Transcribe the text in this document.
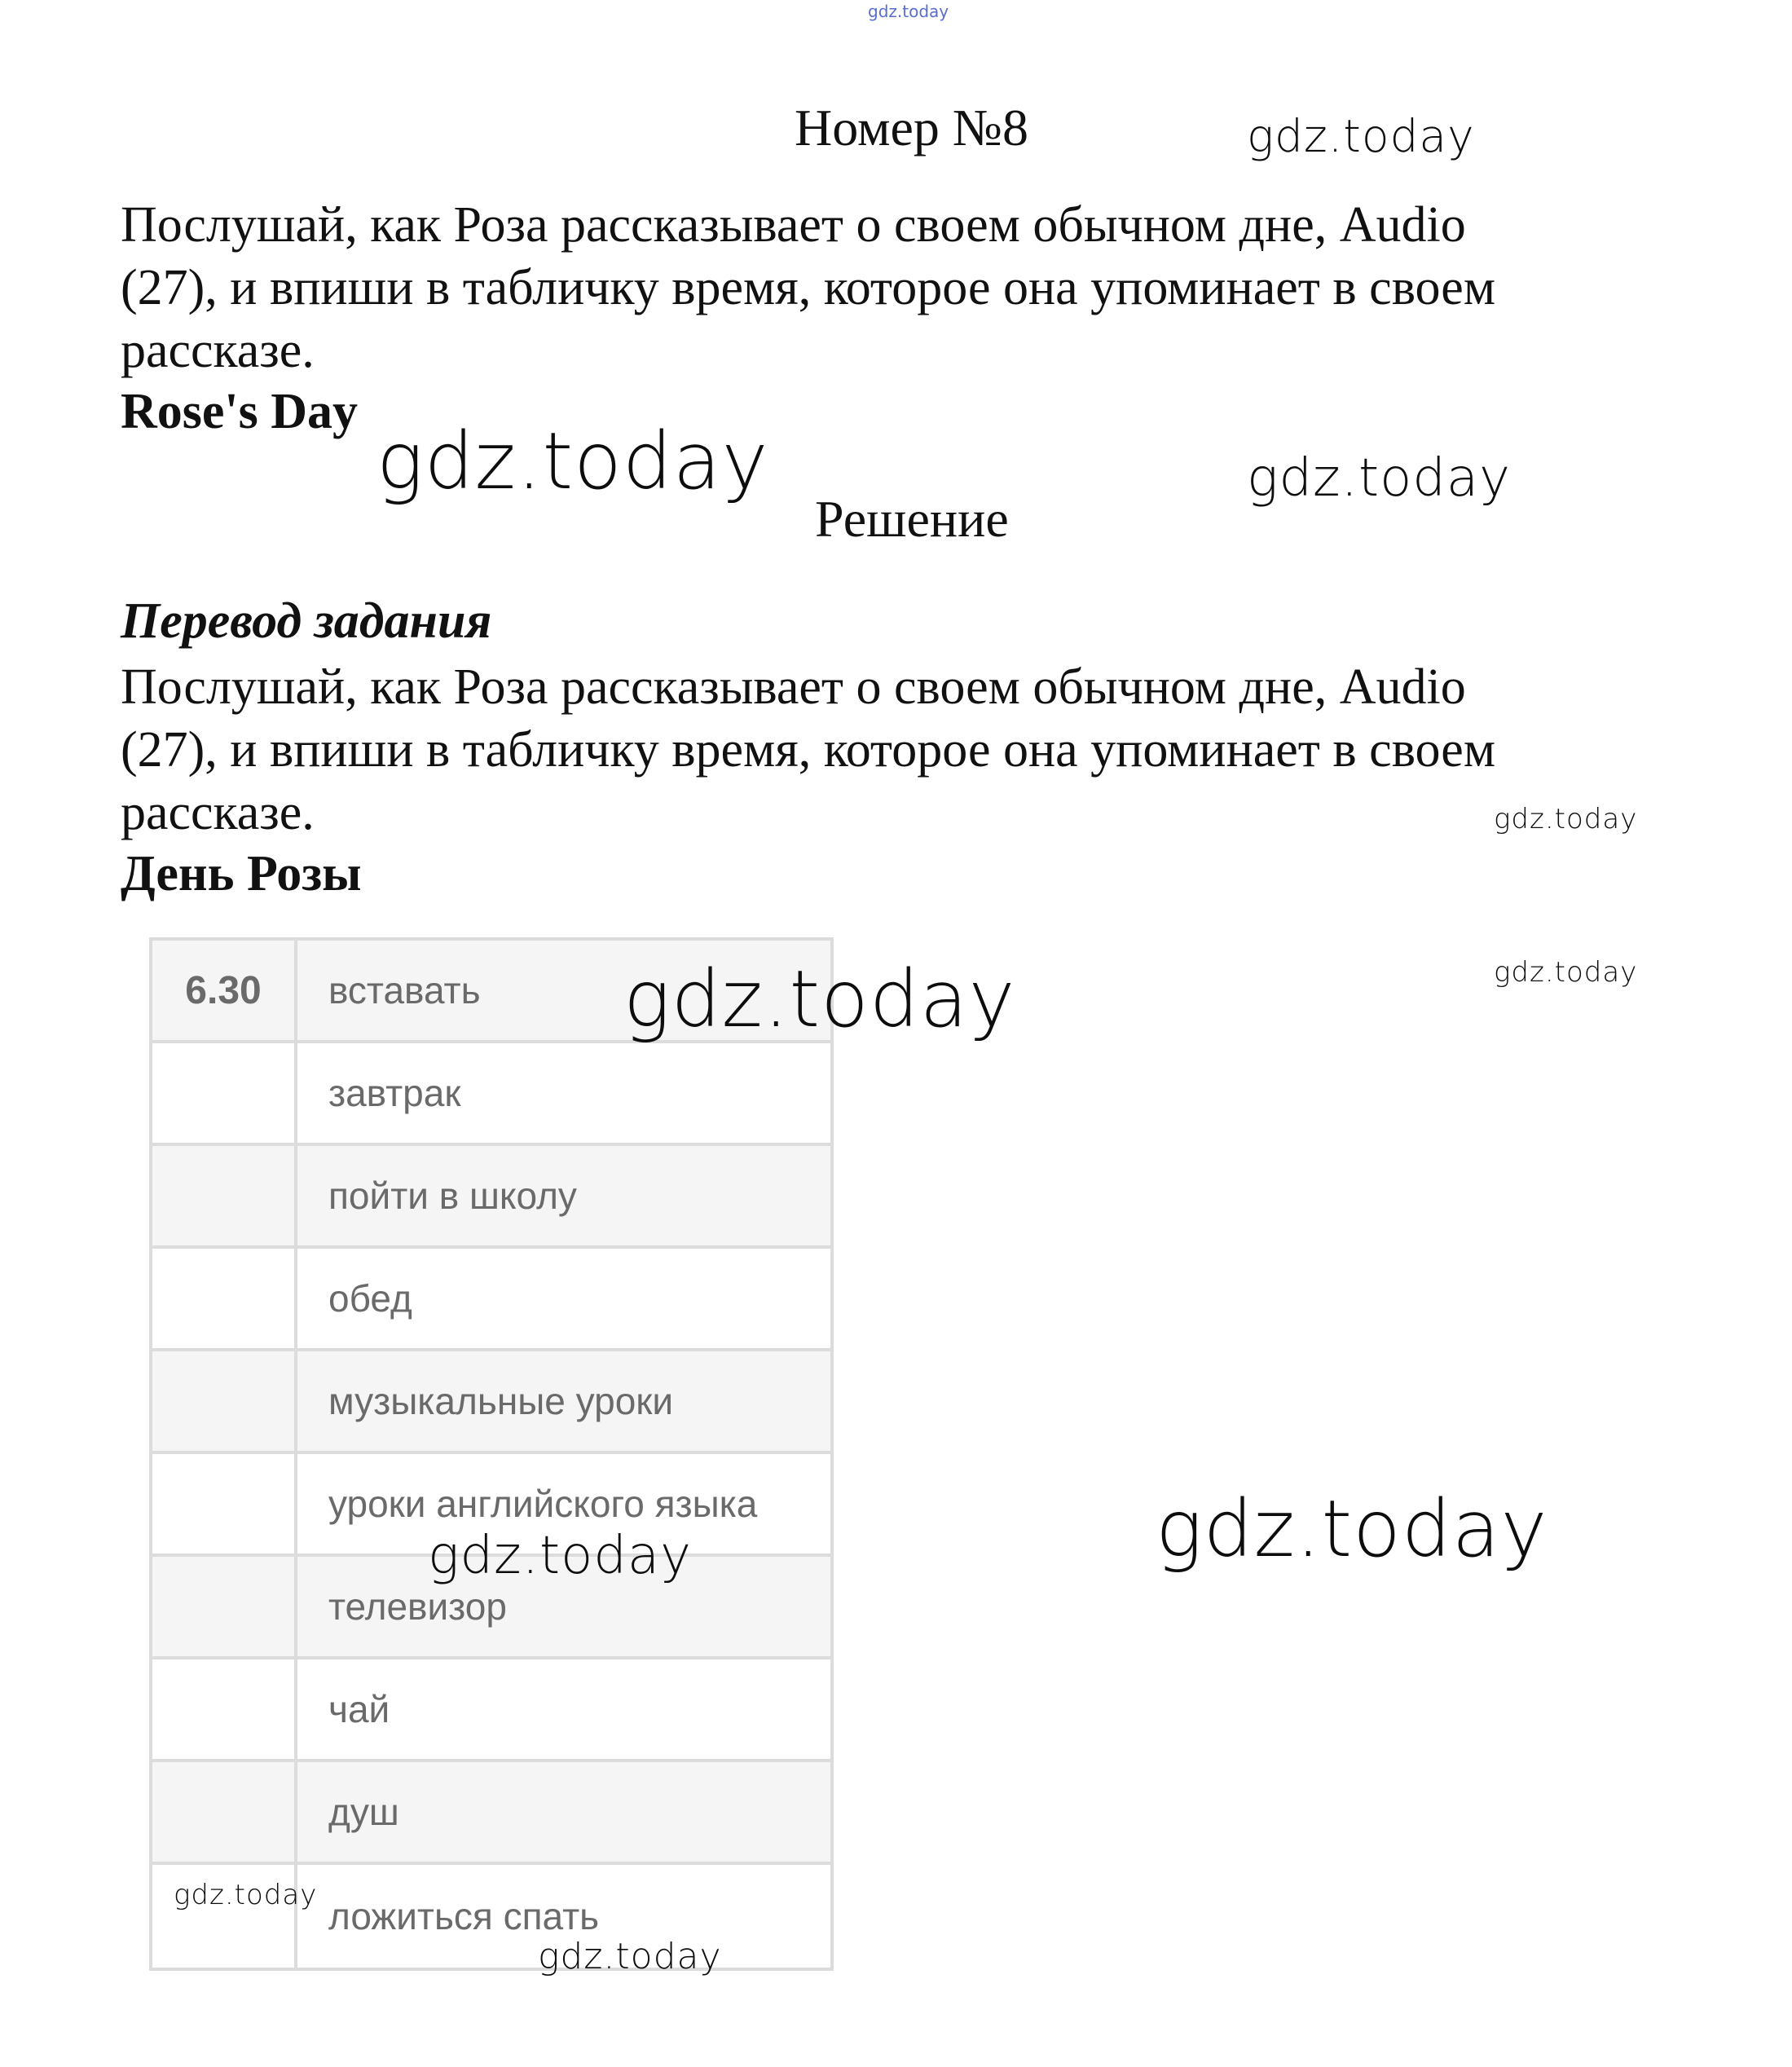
gdz.today
Номер №8
Послушай, как Роза рассказывает о своем обычном дне, Audio
(27), и впиши в табличку время, которое она упоминает в своем
рассказе.
Rose's Day
Решение
Перевод задания
Послушай, как Роза рассказывает о своем обычном дне, Audio
(27), и впиши в табличку время, которое она упоминает в своем
рассказе.
День Розы
6.30	вставать
завтрак
пойти в школу
обед
музыкальные уроки
уроки английского языка
телевизор
чай
душ
ложиться спать
gdz.today
gdz.today	gdz.today
gdz.today
gdz.today
gdz.today
gdz.today
gdz.today
gdz.today
gdz.today
